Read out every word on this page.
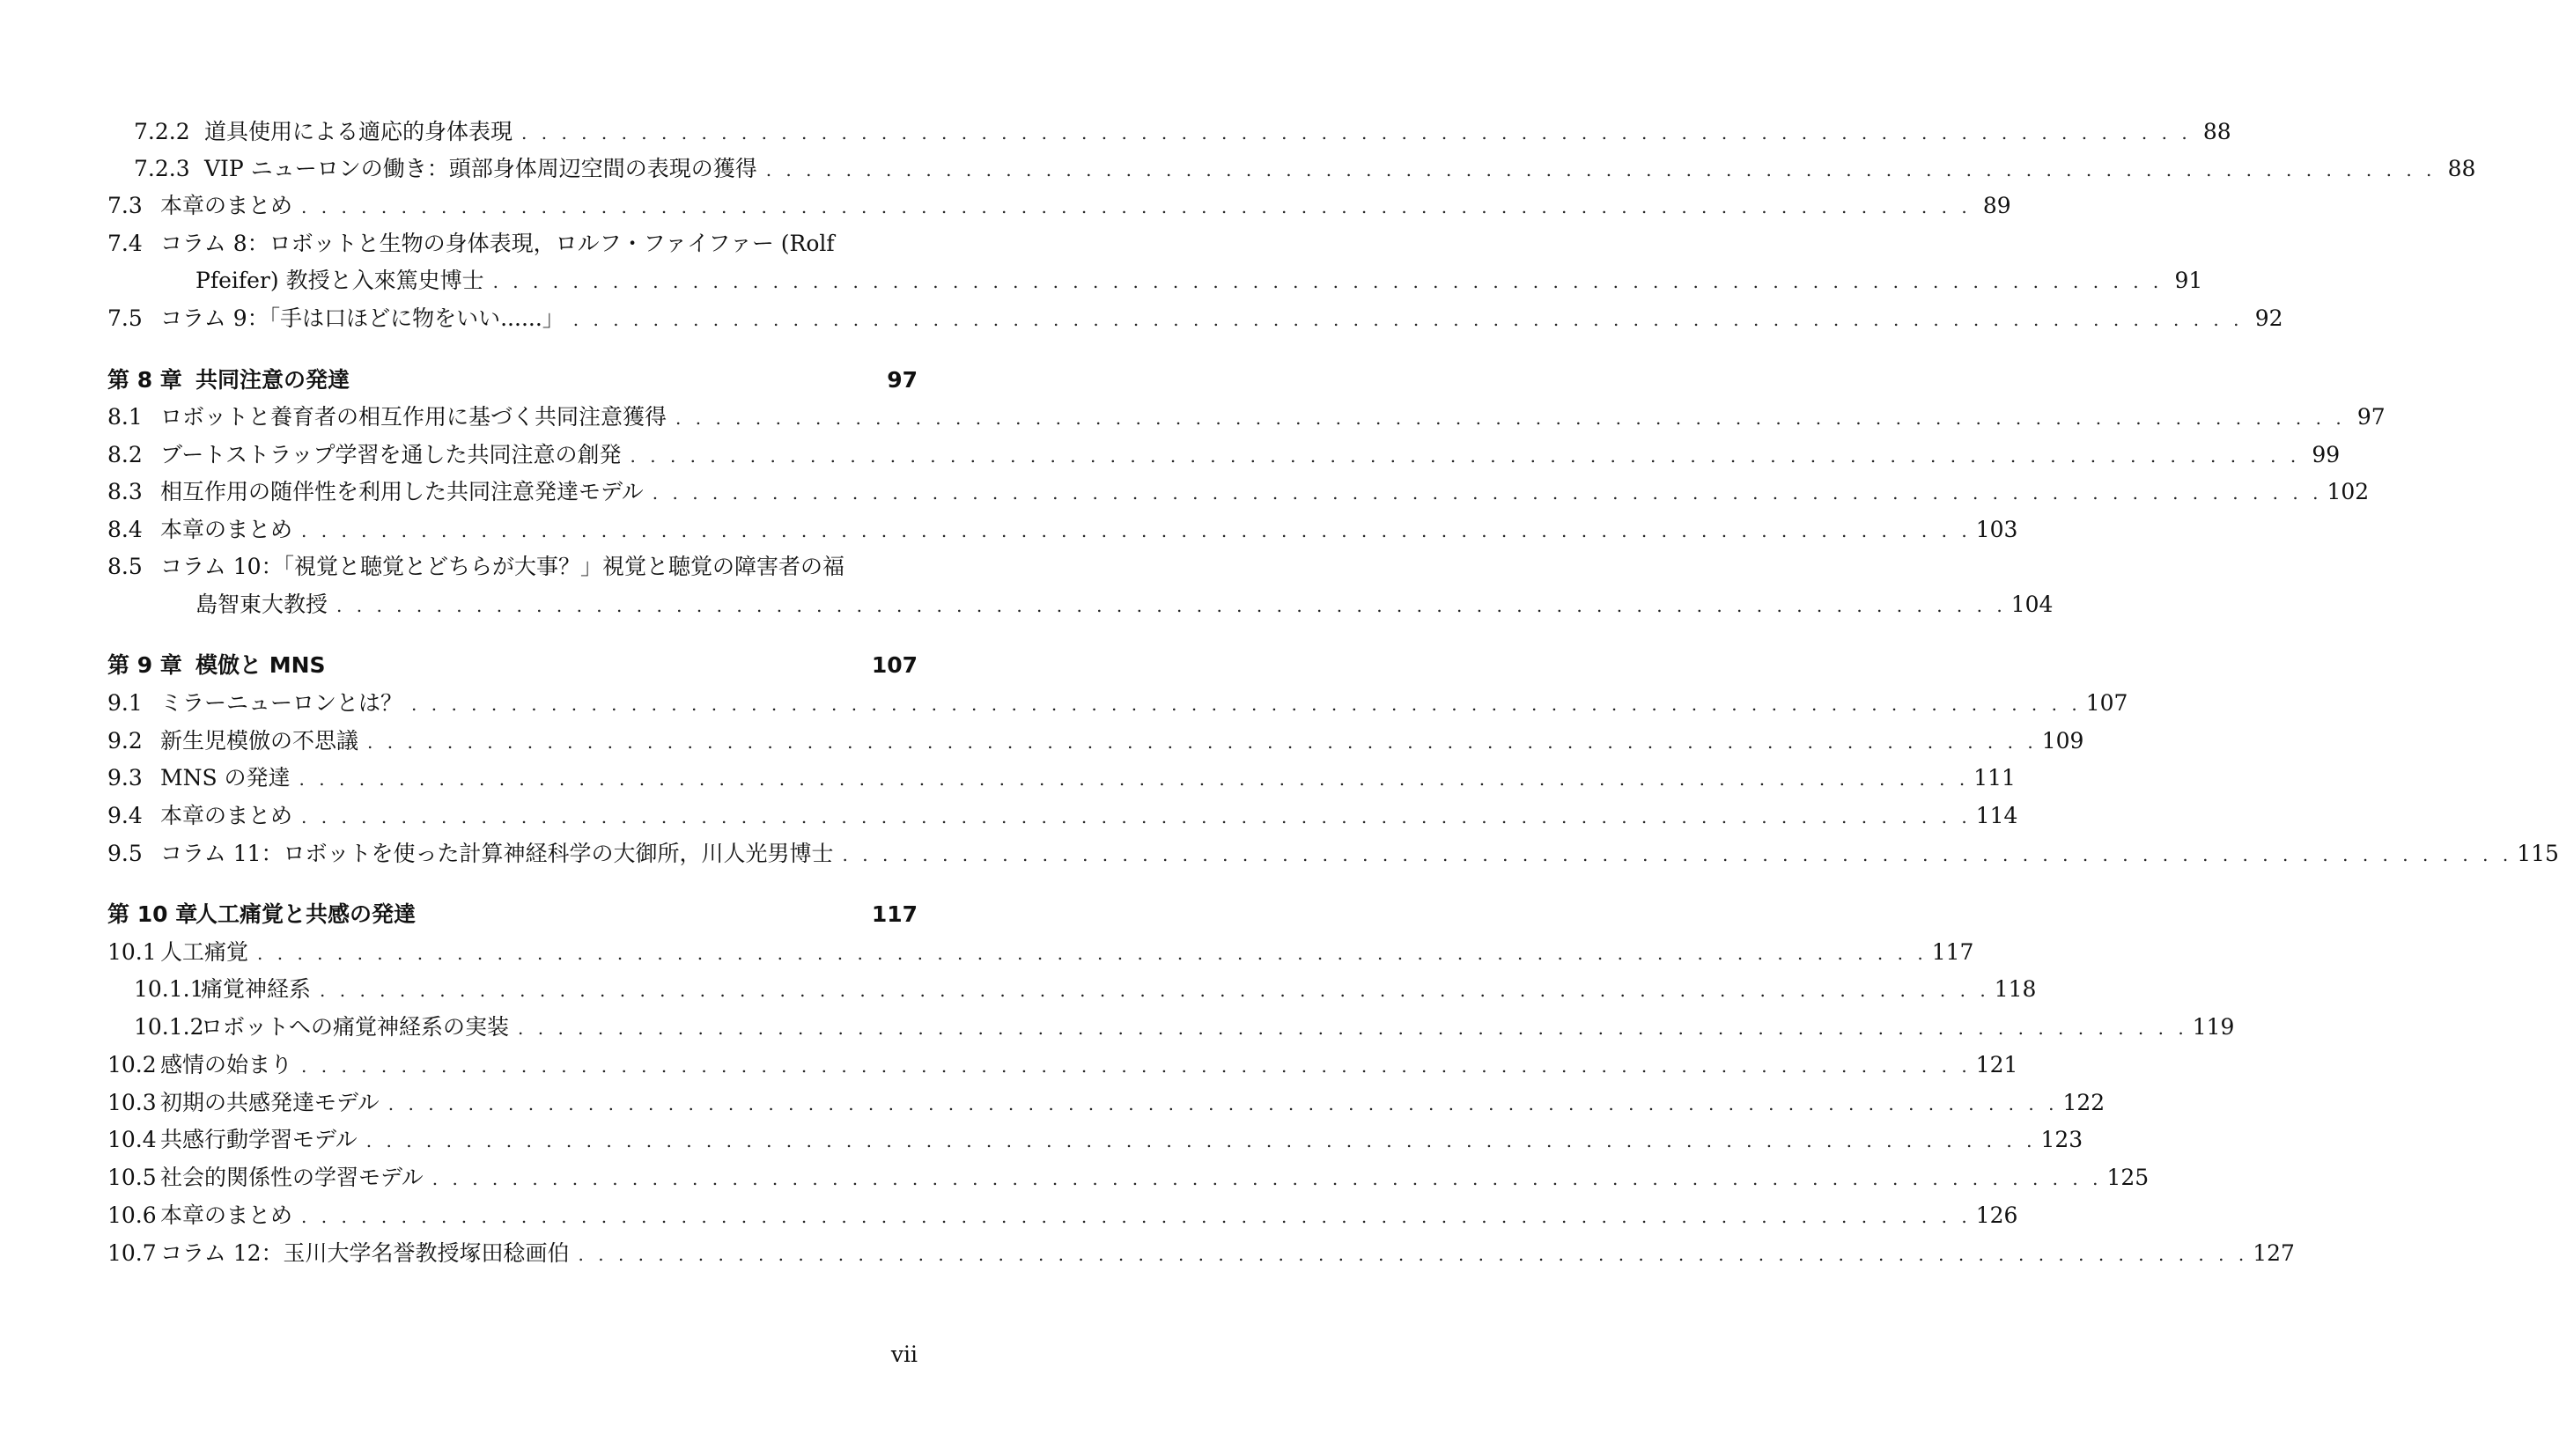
7.2.2 道具使用による適応的身体表現 . . .	88
7.2.3 VIP ニューロンの働き：頭部身体周辺空間の表現の獲得 . . .	88
7.3 本章のまとめ . . .	89
7.4 コラム 8：ロボットと生物の身体表現，ロルフ・ファイファー (Rolf
Pfeifer) 教授と入來篤史博士 . . .	91
7.5 コラム 9：「手は口ほどに物をいい......」 . . .	92
第 8 章 共同注意の発達	97
8.1 ロボットと養育者の相互作用に基づく共同注意獲得 . . .	97
8.2 ブートストラップ学習を通した共同注意の創発 . . .	99
8.3 相互作用の随伴性を利用した共同注意発達モデル . . .	102
8.4 本章のまとめ . . .	103
8.5 コラム 10：「視覚と聴覚とどちらが大事？」視覚と聴覚の障害者の福
島智東大教授 . . .	104
第 9 章 模倣と MNS	107
9.1 ミラーニューロンとは？ . . .	107
9.2 新生児模倣の不思議 . . .	109
9.3 MNS の発達 . . .	111
9.4 本章のまとめ . . .	114
9.5 コラム 11：ロボットを使った計算神経科学の大御所，川人光男博士 . . .	115
第 10 章
人工痛覚と共感の発達	117
10.1 人工痛覚 . . .	117
10.1.1
痛覚神経系 . . .	118
10.1.2
ロボットへの痛覚神経系の実装 . . .	119
10.2 感情の始まり . . .	121
10.3 初期の共感発達モデル . . .	122
10.4 共感行動学習モデル . . .	123
10.5 社会的関係性の学習モデル . . .	125
10.6 本章のまとめ . . .	126
10.7 コラム 12：玉川大学名誉教授塚田稔画伯 . . .	127
vii
